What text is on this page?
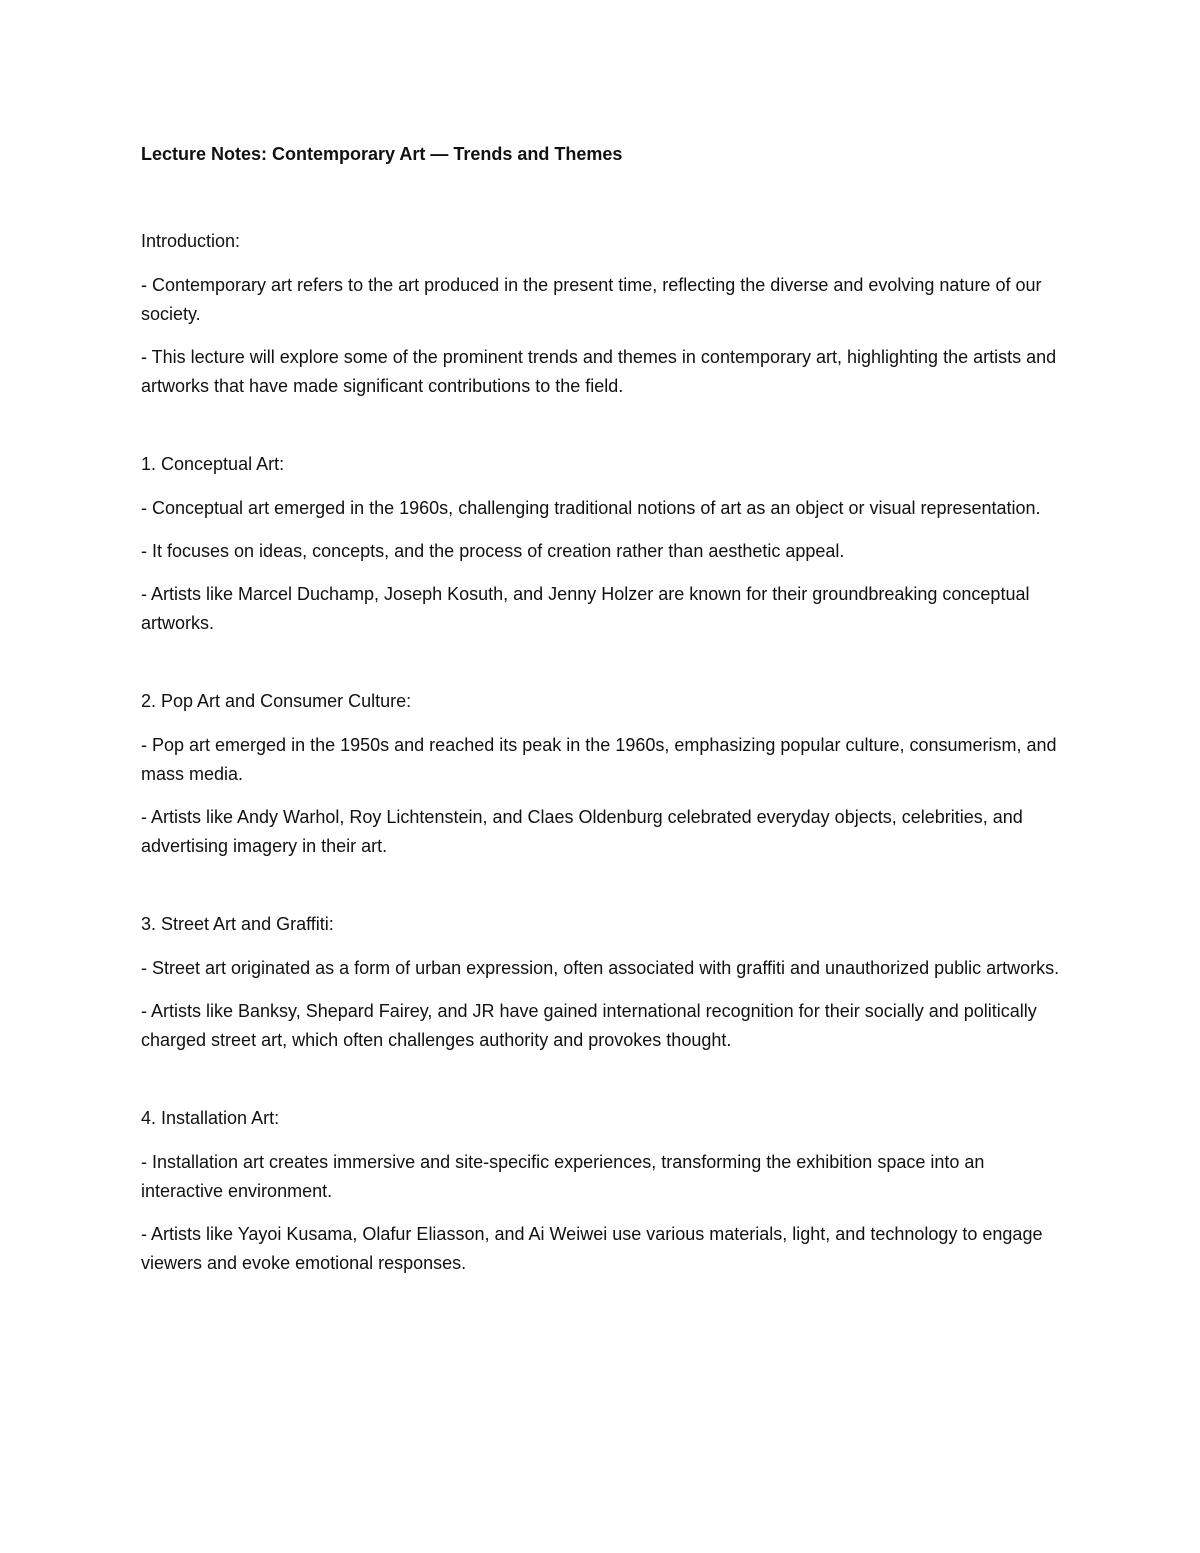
Lecture Notes: Contemporary Art — Trends and Themes
Introduction:
- Contemporary art refers to the art produced in the present time, reflecting the diverse and evolving nature of our society.
- This lecture will explore some of the prominent trends and themes in contemporary art, highlighting the artists and artworks that have made significant contributions to the field.
1. Conceptual Art:
- Conceptual art emerged in the 1960s, challenging traditional notions of art as an object or visual representation.
- It focuses on ideas, concepts, and the process of creation rather than aesthetic appeal.
- Artists like Marcel Duchamp, Joseph Kosuth, and Jenny Holzer are known for their groundbreaking conceptual artworks.
2. Pop Art and Consumer Culture:
- Pop art emerged in the 1950s and reached its peak in the 1960s, emphasizing popular culture, consumerism, and mass media.
- Artists like Andy Warhol, Roy Lichtenstein, and Claes Oldenburg celebrated everyday objects, celebrities, and advertising imagery in their art.
3. Street Art and Graffiti:
- Street art originated as a form of urban expression, often associated with graffiti and unauthorized public artworks.
- Artists like Banksy, Shepard Fairey, and JR have gained international recognition for their socially and politically charged street art, which often challenges authority and provokes thought.
4. Installation Art:
- Installation art creates immersive and site-specific experiences, transforming the exhibition space into an interactive environment.
- Artists like Yayoi Kusama, Olafur Eliasson, and Ai Weiwei use various materials, light, and technology to engage viewers and evoke emotional responses.
